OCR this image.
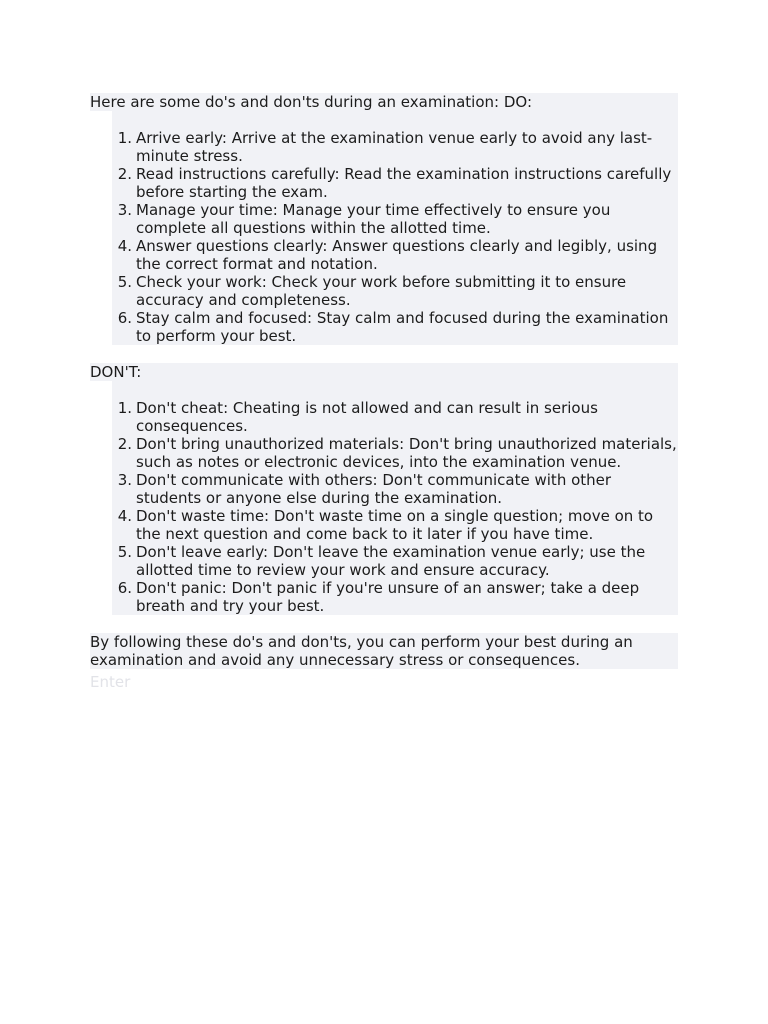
Here are some do's and don'ts during an examination: DO:
1. Arrive early: Arrive at the examination venue early to avoid any last-minute stress.
2. Read instructions carefully: Read the examination instructions carefully before starting the exam.
3. Manage your time: Manage your time effectively to ensure you complete all questions within the allotted time.
4. Answer questions clearly: Answer questions clearly and legibly, using the correct format and notation.
5. Check your work: Check your work before submitting it to ensure accuracy and completeness.
6. Stay calm and focused: Stay calm and focused during the examination to perform your best.
DON'T:
1. Don't cheat: Cheating is not allowed and can result in serious consequences.
2. Don't bring unauthorized materials: Don't bring unauthorized materials, such as notes or electronic devices, into the examination venue.
3. Don't communicate with others: Don't communicate with other students or anyone else during the examination.
4. Don't waste time: Don't waste time on a single question; move on to the next question and come back to it later if you have time.
5. Don't leave early: Don't leave the examination venue early; use the allotted time to review your work and ensure accuracy.
6. Don't panic: Don't panic if you're unsure of an answer; take a deep breath and try your best.
By following these do's and don'ts, you can perform your best during an examination and avoid any unnecessary stress or consequences.
Enter
